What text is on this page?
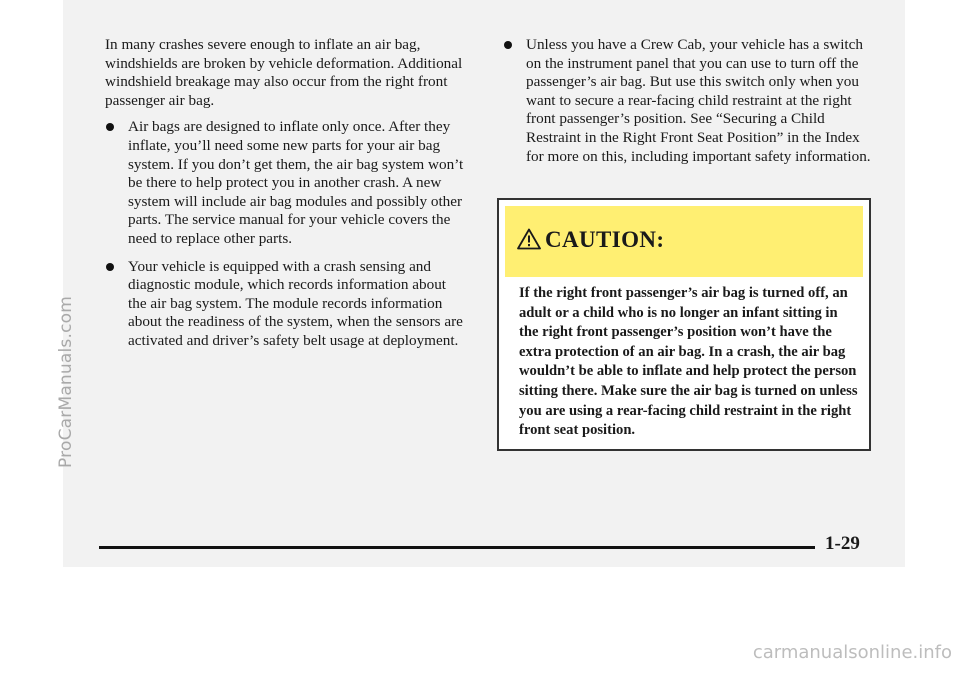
In many crashes severe enough to inflate an air bag, windshields are broken by vehicle deformation. Additional windshield breakage may also occur from the right front passenger air bag.

Air bags are designed to inflate only once. After they inflate, you’ll need some new parts for your air bag system. If you don’t get them, the air bag system won’t be there to help protect you in another crash. A new system will include air bag modules and possibly other parts. The service manual for your vehicle covers the need to replace other parts.
Your vehicle is equipped with a crash sensing and diagnostic module, which records information about the air bag system. The module records information about the readiness of the system, when the sensors are activated and driver’s safety belt usage at deployment.
Unless you have a Crew Cab, your vehicle has a switch on the instrument panel that you can use to turn off the passenger’s air bag. But use this switch only when you want to secure a rear-facing child restraint at the right front passenger’s position. See “Securing a Child Restraint in the Right Front Seat Position” in the Index for more on this, including important safety information.
CAUTION:
If the right front passenger’s air bag is turned off, an adult or a child who is no longer an infant sitting in the right front passenger’s position won’t have the extra protection of an air bag. In a crash, the air bag wouldn’t be able to inflate and help protect the person sitting there. Make sure the air bag is turned on unless you are using a rear-facing child restraint in the right front seat position.
1-29
ProCarManuals.com
carmanualsonline.info
